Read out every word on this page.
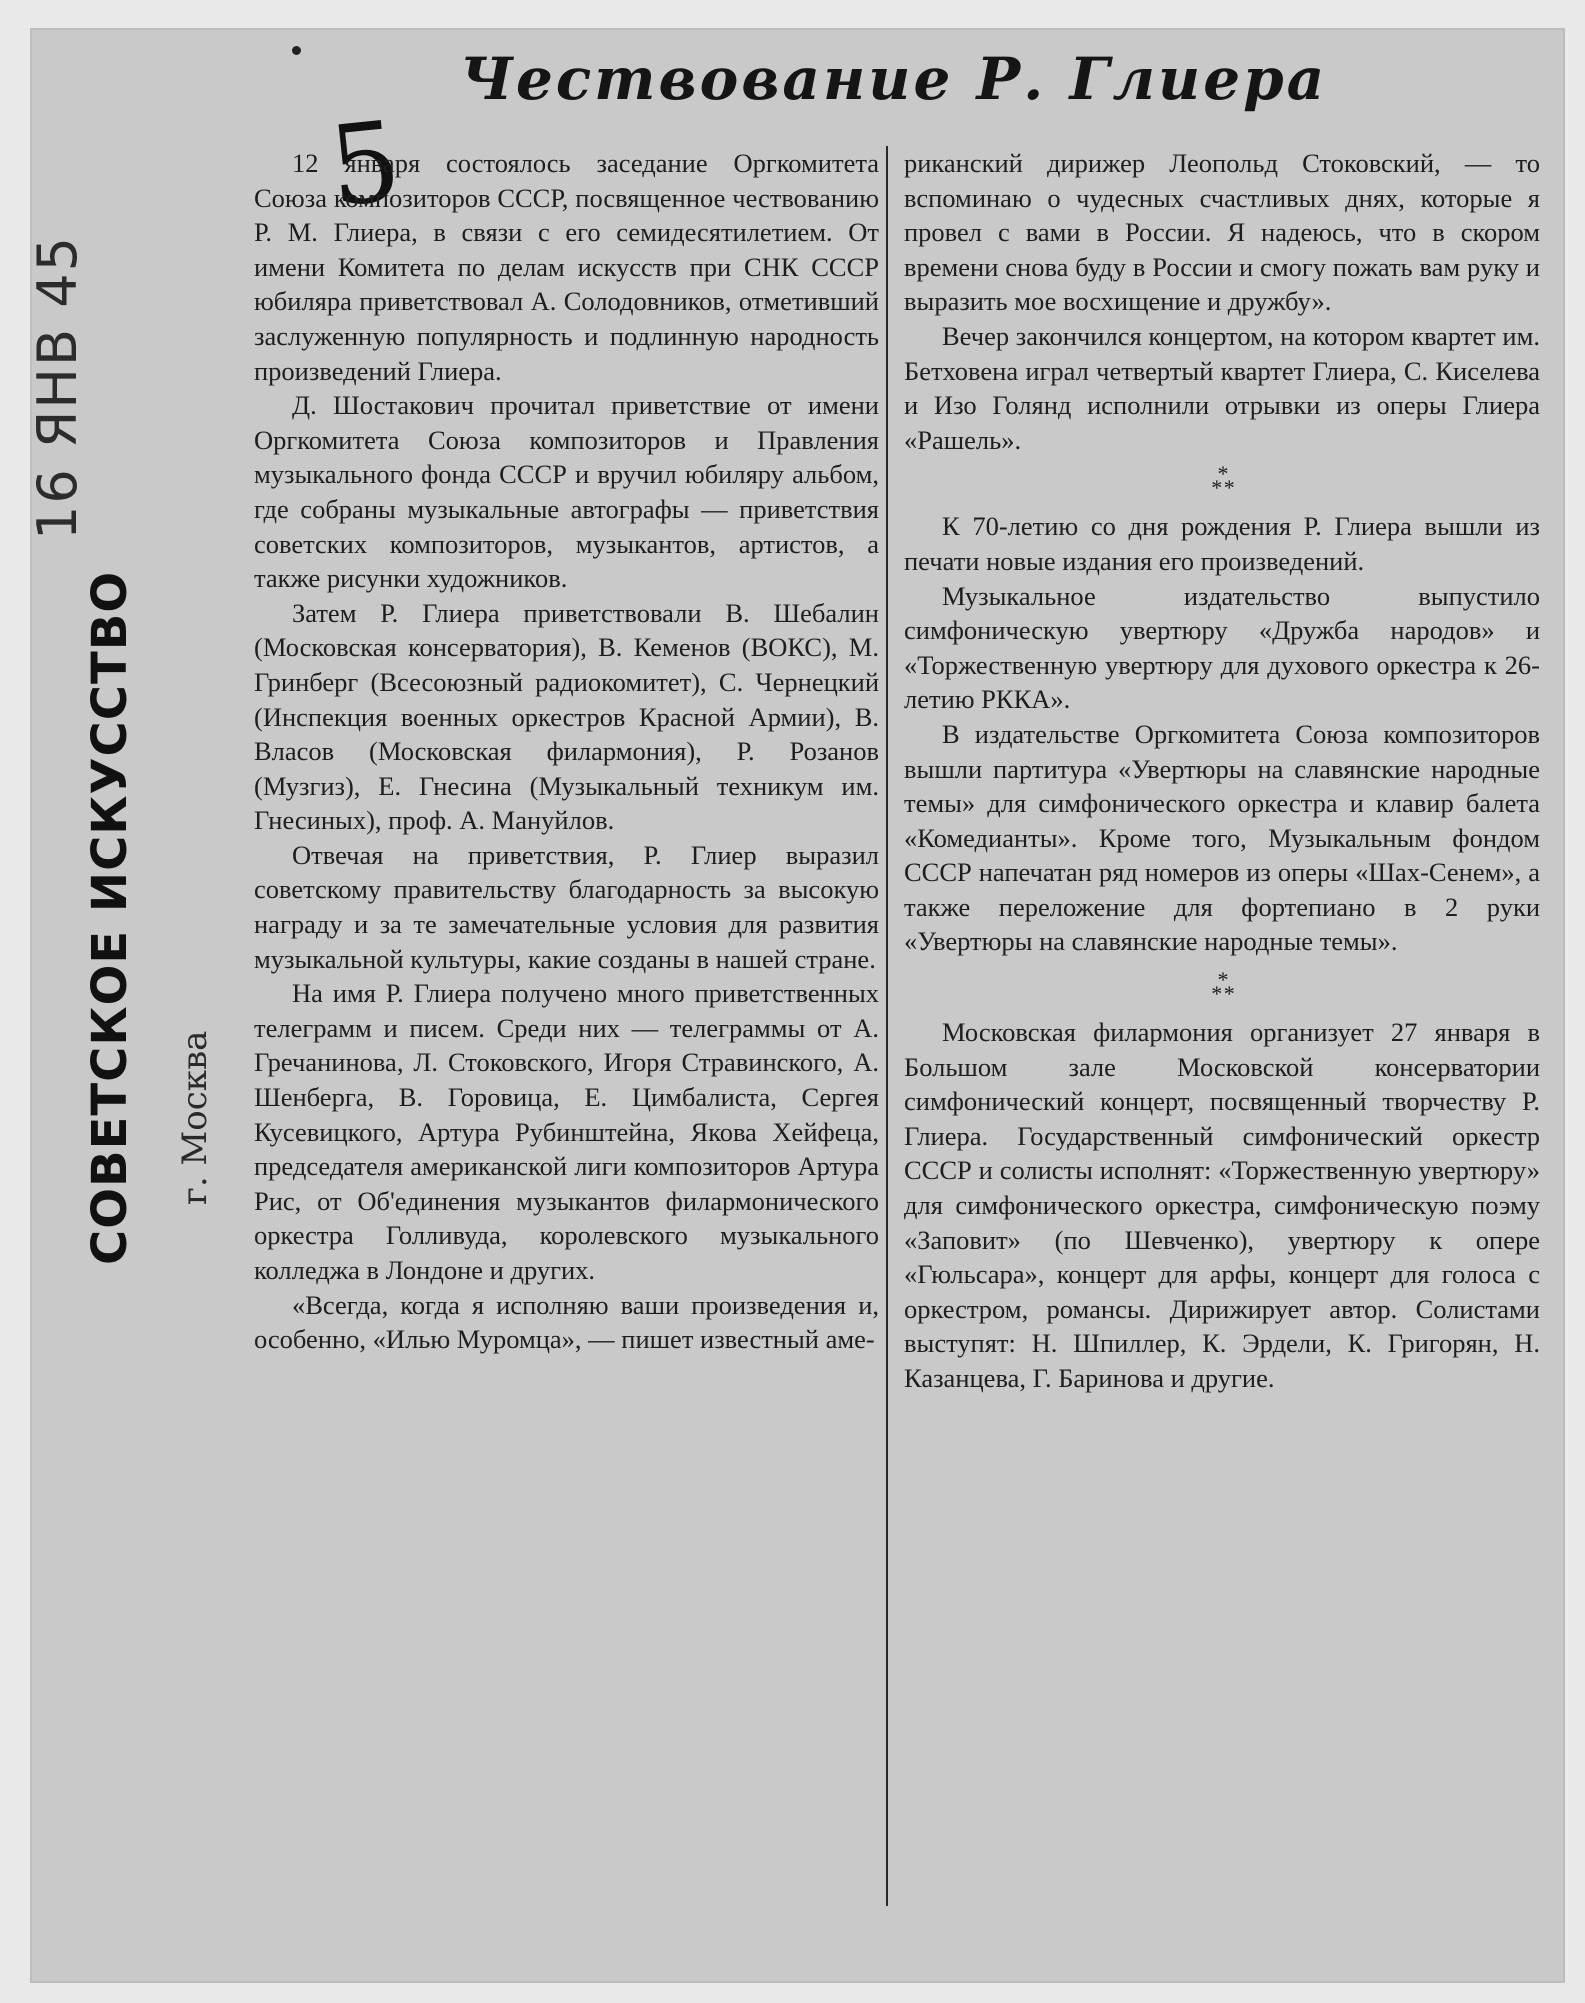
16 ЯНВ 45
СОВЕТСКОЕ ИСКУССТВО г. Москва
Чествование Р. Глиера
5

12 января состоялось заседание Оргкомитета Союза композиторов СССР, посвященное чествованию Р. М. Глиера, в связи с его семидесятилетием. От имени Комитета по делам искусств при СНК СССР юбиляра приветствовал А. Солодовников, отметивший заслуженную популярность и подлинную народность произведений Глиера.

Д. Шостакович прочитал приветствие от имени Оргкомитета Союза композиторов и Правления музыкального фонда СССР и вручил юбиляру альбом, где собраны музыкальные автографы — приветствия советских композиторов, музыкантов, артистов, а также рисунки художников.

Затем Р. Глиера приветствовали В. Шебалин (Московская консерватория), В. Кеменов (ВОКС), М. Гринберг (Всесоюзный радиокомитет), С. Чернецкий (Инспекция военных оркестров Красной Армии), В. Власов (Московская филармония), Р. Розанов (Музгиз), Е. Гнесина (Музыкальный техникум им. Гнесиных), проф. А. Мануйлов.

Отвечая на приветствия, Р. Глиер выразил советскому правительству благодарность за высокую награду и за те замечательные условия для развития музыкальной культуры, какие созданы в нашей стране.

На имя Р. Глиера получено много приветственных телеграмм и писем. Среди них — телеграммы от А. Гречанинова, Л. Стоковского, Игоря Стравинского, А. Шенберга, В. Горовица, Е. Цимбалиста, Сергея Кусевицкого, Артура Рубинштейна, Якова Хейфеца, председателя американской лиги композиторов Артура Рис, от Об'единения музыкантов филармонического оркестра Голливуда, королевского музыкального колледжа в Лондоне и других.

«Всегда, когда я исполняю ваши произведения и, особенно, «Илью Муромца», — пишет известный аме-

риканский дирижер Леопольд Стоковский, — то вспоминаю о чудесных счастливых днях, которые я провел с вами в России. Я надеюсь, что в скором времени снова буду в России и смогу пожать вам руку и выразить мое восхищение и дружбу».

Вечер закончился концертом, на котором квартет им. Бетховена играл четвертый квартет Глиера, С. Киселева и Изо Голянд исполнили отрывки из оперы Глиера «Рашель».

*
* *

К 70-летию со дня рождения Р. Глиера вышли из печати новые издания его произведений.

Музыкальное издательство выпустило симфоническую увертюру «Дружба народов» и «Торжественную увертюру для духового оркестра к 26-летию РККА».

В издательстве Оргкомитета Союза композиторов вышли партитура «Увертюры на славянские народные темы» для симфонического оркестра и клавир балета «Комедианты». Кроме того, Музыкальным фондом СССР напечатан ряд номеров из оперы «Шах-Сенем», а также переложение для фортепиано в 2 руки «Увертюры на славянские народные темы».

*
* *

Московская филармония организует 27 января в Большом зале Московской консерватории симфонический концерт, посвященный творчеству Р. Глиера. Государственный симфонический оркестр СССР и солисты исполнят: «Торжественную увертюру» для симфонического оркестра, симфоническую поэму «Заповит» (по Шевченко), увертюру к опере «Гюльсара», концерт для арфы, концерт для голоса с оркестром, романсы. Дирижирует автор. Солистами выступят: Н. Шпиллер, К. Эрдели, К. Григорян, Н. Казанцева, Г. Баринова и другие.
